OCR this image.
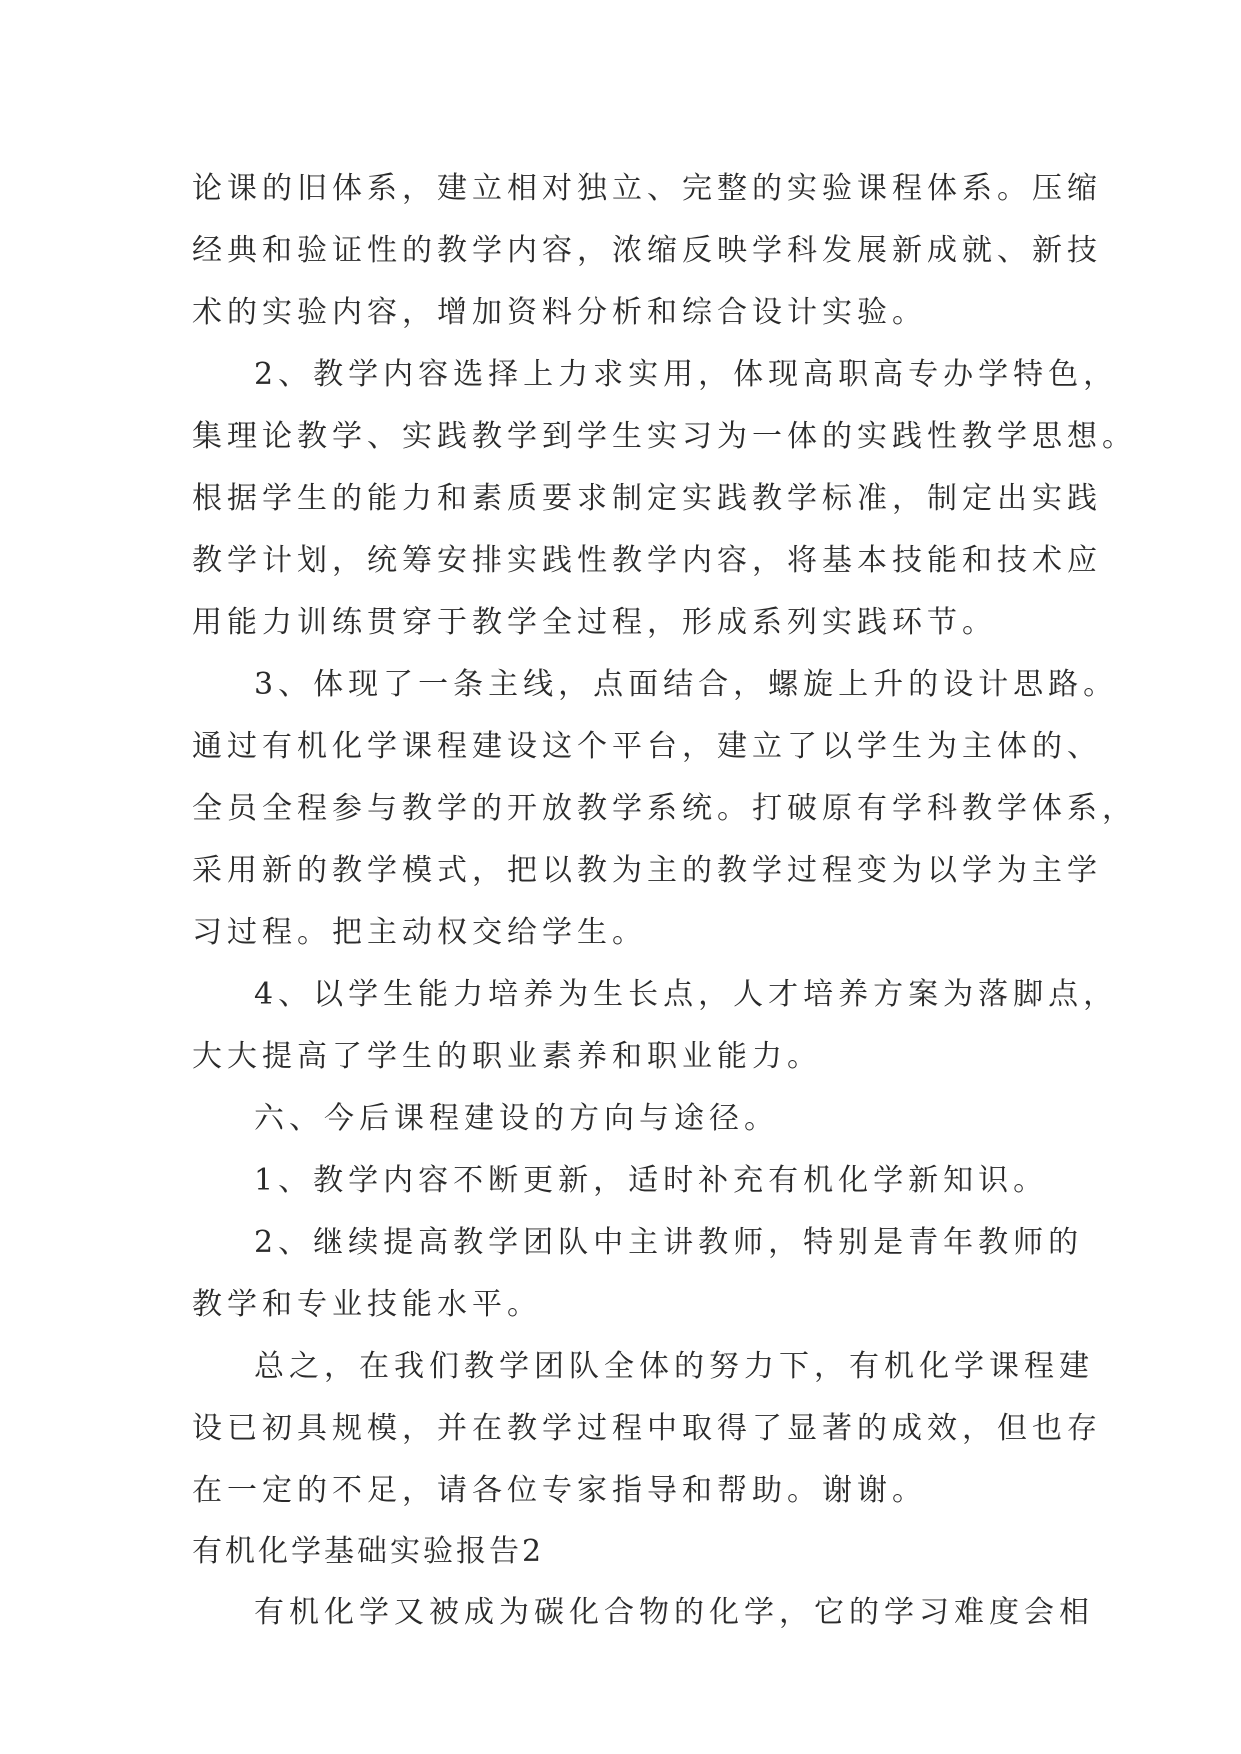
论课的旧体系，建立相对独立、完整的实验课程体系。压缩
经典和验证性的教学内容，浓缩反映学科发展新成就、新技
术的实验内容，增加资料分析和综合设计实验。
2、教学内容选择上力求实用，体现高职高专办学特色，
集理论教学、实践教学到学生实习为一体的实践性教学思想。
根据学生的能力和素质要求制定实践教学标准，制定出实践
教学计划，统筹安排实践性教学内容，将基本技能和技术应
用能力训练贯穿于教学全过程，形成系列实践环节。
3、体现了一条主线，点面结合，螺旋上升的设计思路。
通过有机化学课程建设这个平台，建立了以学生为主体的、
全员全程参与教学的开放教学系统。打破原有学科教学体系，
采用新的教学模式，把以教为主的教学过程变为以学为主学
习过程。把主动权交给学生。
4、以学生能力培养为生长点，人才培养方案为落脚点，
大大提高了学生的职业素养和职业能力。
六、今后课程建设的方向与途径。
1、教学内容不断更新，适时补充有机化学新知识。
2、继续提高教学团队中主讲教师，特别是青年教师的
教学和专业技能水平。
总之，在我们教学团队全体的努力下，有机化学课程建
设已初具规模，并在教学过程中取得了显著的成效，但也存
在一定的不足，请各位专家指导和帮助。谢谢。
有机化学基础实验报告2
有机化学又被成为碳化合物的化学，它的学习难度会相
